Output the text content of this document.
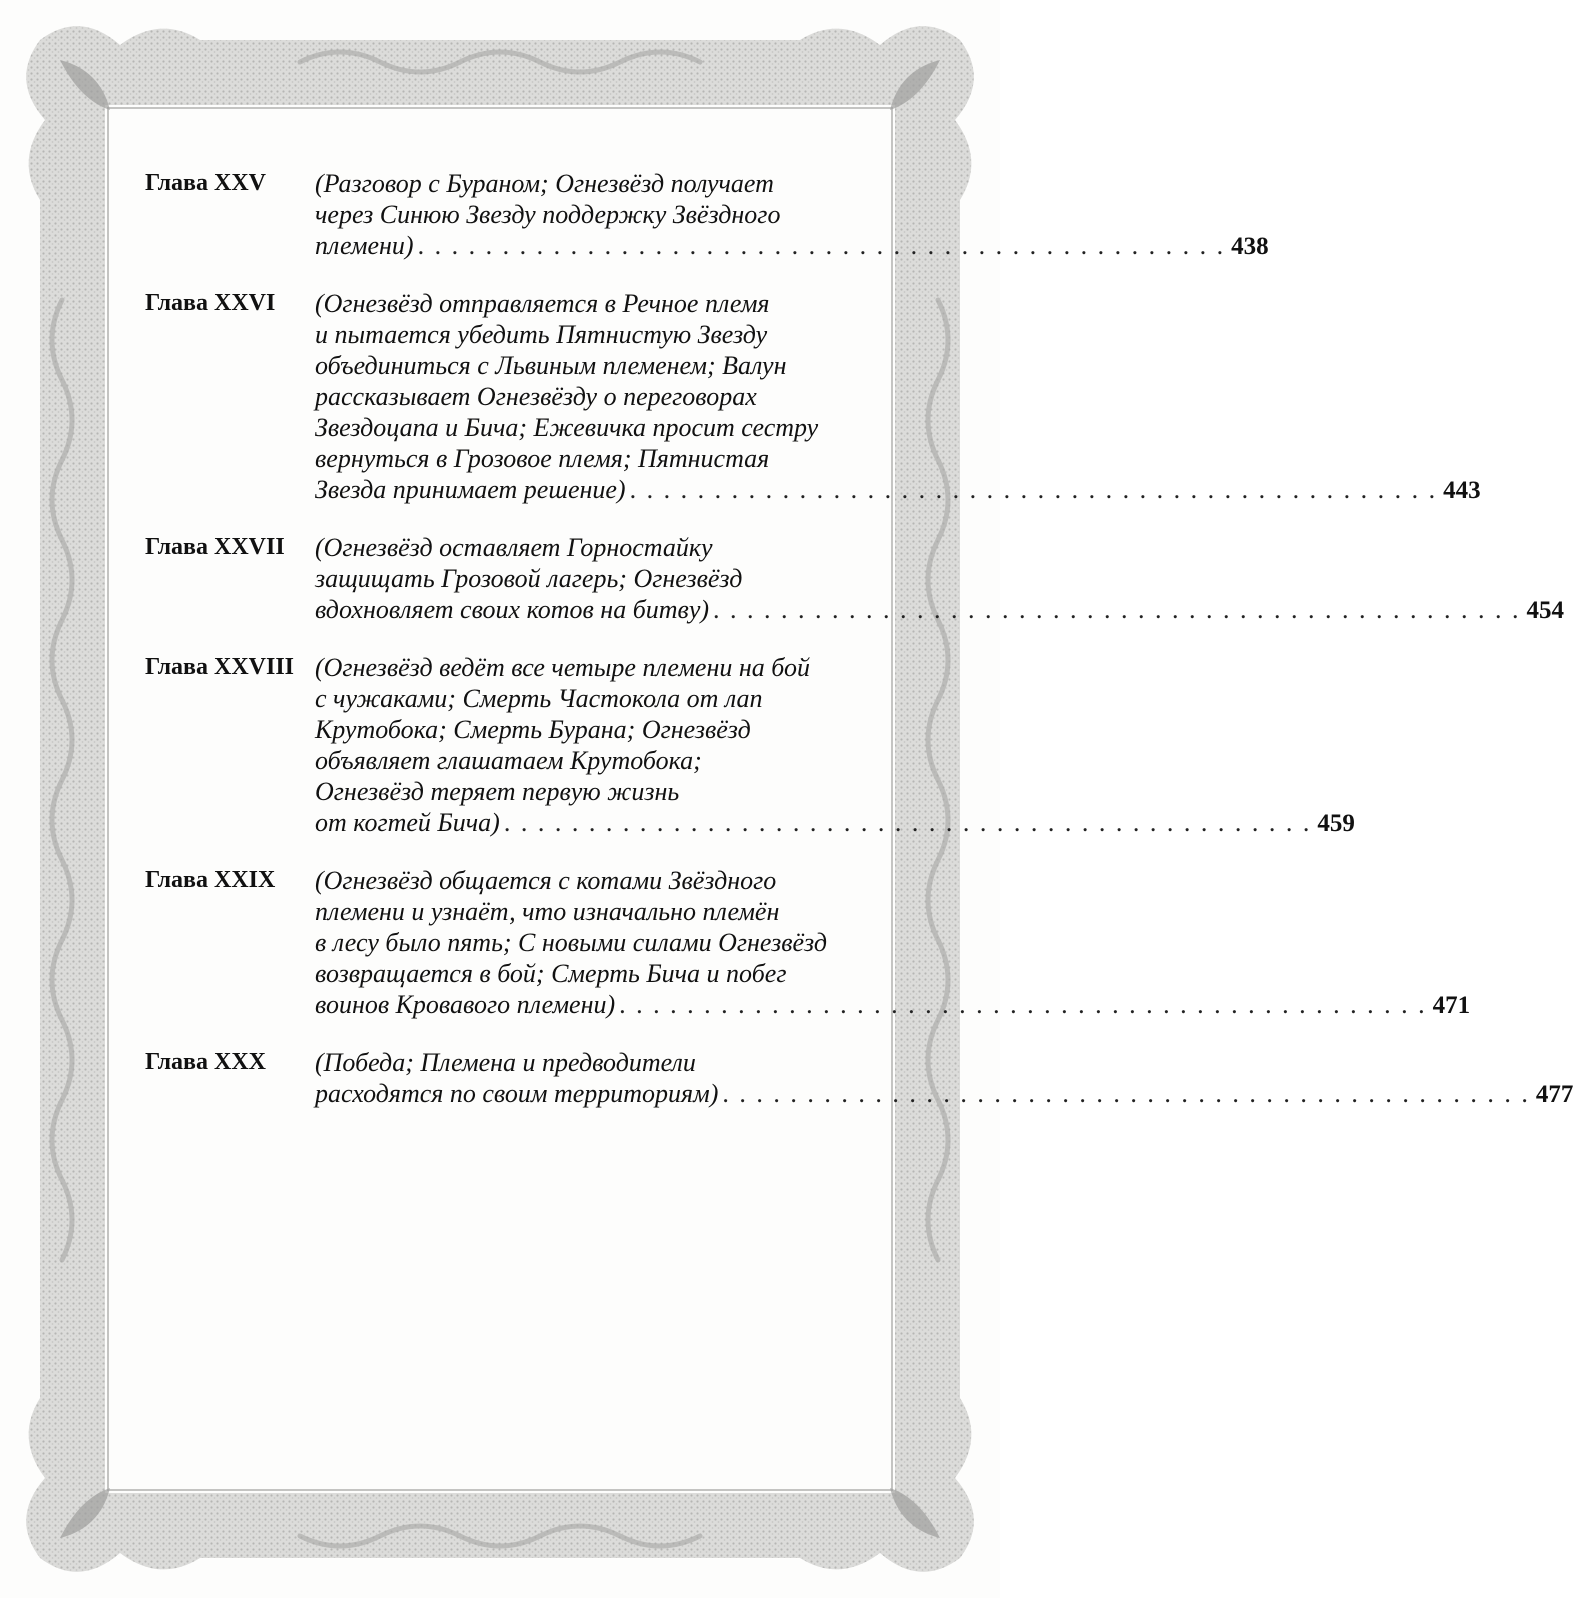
Глава XXV	(Разговор с Бураном; Огнезвёзд получает
через Синюю Звезду поддержку Звёздного
племени) . . . . . . . . . . . . . . . . . . . . . . . . . . . . . . . . . . . . . . . . . . . . . . . . 438
Глава XXVI	(Огнезвёзд отправляется в Речное племя
и пытается убедить Пятнистую Звезду
объединиться с Львиным племенем; Валун
рассказывает Огнезвёзду о переговорах
Звездоцапа и Бича; Ежевичка просит сестру
вернуться в Грозовое племя; Пятнистая
Звезда принимает решение) . . . . . . . . . . . . . . . . . . . . . . . . . . . . . . . . . . . . . . . . . . . . . . . . 443
Глава XXVII	(Огнезвёзд оставляет Горностайку
защищать Грозовой лагерь; Огнезвёзд
вдохновляет своих котов на битву) . . . . . . . . . . . . . . . . . . . . . . . . . . . . . . . . . . . . . . . . . . . . . . . . 454
Глава XXVIII (Огнезвёзд ведёт все четыре племени на бой
с чужаками; Смерть Частокола от лап
Крутобока; Смерть Бурана; Огнезвёзд
объявляет глашатаем Крутобока;
Огнезвёзд теряет первую жизнь
от когтей Бича) . . . . . . . . . . . . . . . . . . . . . . . . . . . . . . . . . . . . . . . . . . . . . . . . 459
Глава XXIX	(Огнезвёзд общается с котами Звёздного
племени и узнаёт, что изначально племён
в лесу было пять; С новыми силами Огнезвёзд
возвращается в бой; Смерть Бича и побег
воинов Кровавого племени) . . . . . . . . . . . . . . . . . . . . . . . . . . . . . . . . . . . . . . . . . . . . . . . . 471
Глава XXX	(Победа; Племена и предводители
расходятся по своим территориям) . . . . . . . . . . . . . . . . . . . . . . . . . . . . . . . . . . . . . . . . . . . . . . . . 477
